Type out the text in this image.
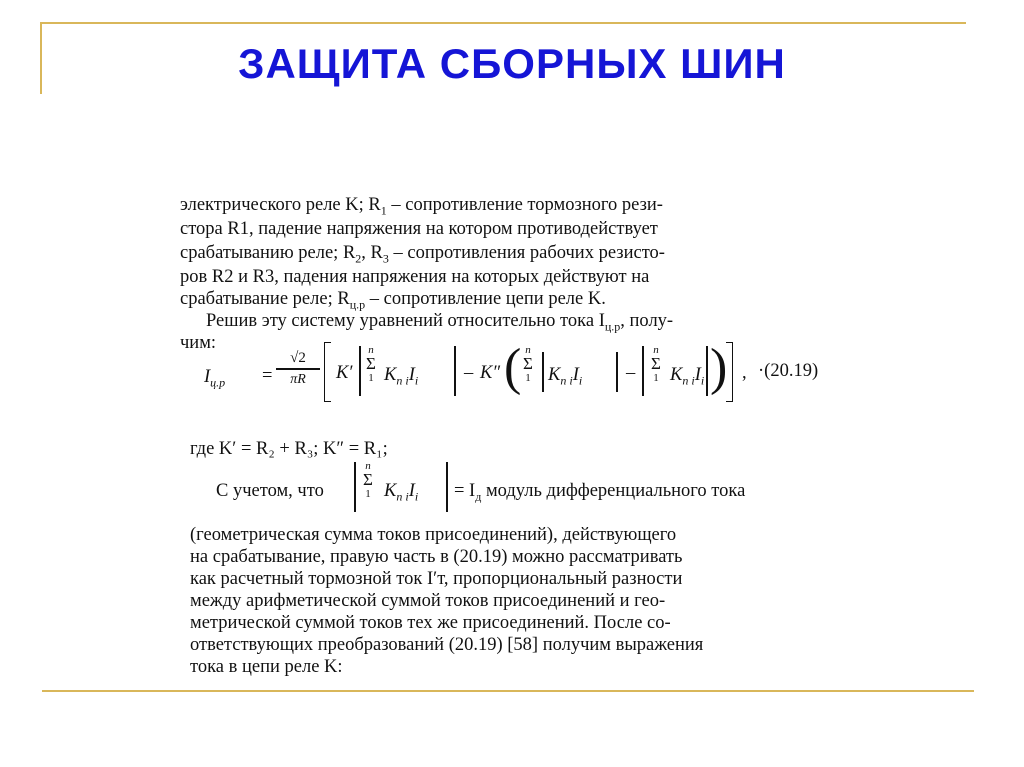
ЗАЩИТА СБОРНЫХ ШИН
электрического реле K; $R_1$ – сопротивление тормозного рези-
стора R1, падение напряжения на котором противодействует
срабатыванию реле; $R_2$, $R_3$ – сопротивления рабочих резисто-
ров R2 и R3, падения напряжения на которых действуют на
срабатывание реле; $R_{ц.р}$ – сопротивление цепи реле K.
Решив эту систему уравнений относительно тока $I_{ц.р}$, полу-
чим:
$I_{ц.р}$ =
√2
πR	K′
n
Σ
1 $K_{п i}I_i - K''$ ( n
Σ
1 $K_{п i}I_i$ –
n
Σ
1 $K_{п i}I_i$ ) , ·(20.19)
где K′ = R₂ + R₃; K″ = R₁;
С учетом, что
n
Σ
1 $K_{п i}I_i = I_д$ модуль дифференциального тока
(геометрическая сумма токов присоединений), действующего
на срабатывание, правую часть в (20.19) можно рассматривать
как расчетный тормозной ток I′т, пропорциональный разности
между арифметической суммой токов присоединений и гео-
метрической суммой токов тех же присоединений. После со-
ответствующих преобразований (20.19) [58] получим выражения
тока в цепи реле K:
